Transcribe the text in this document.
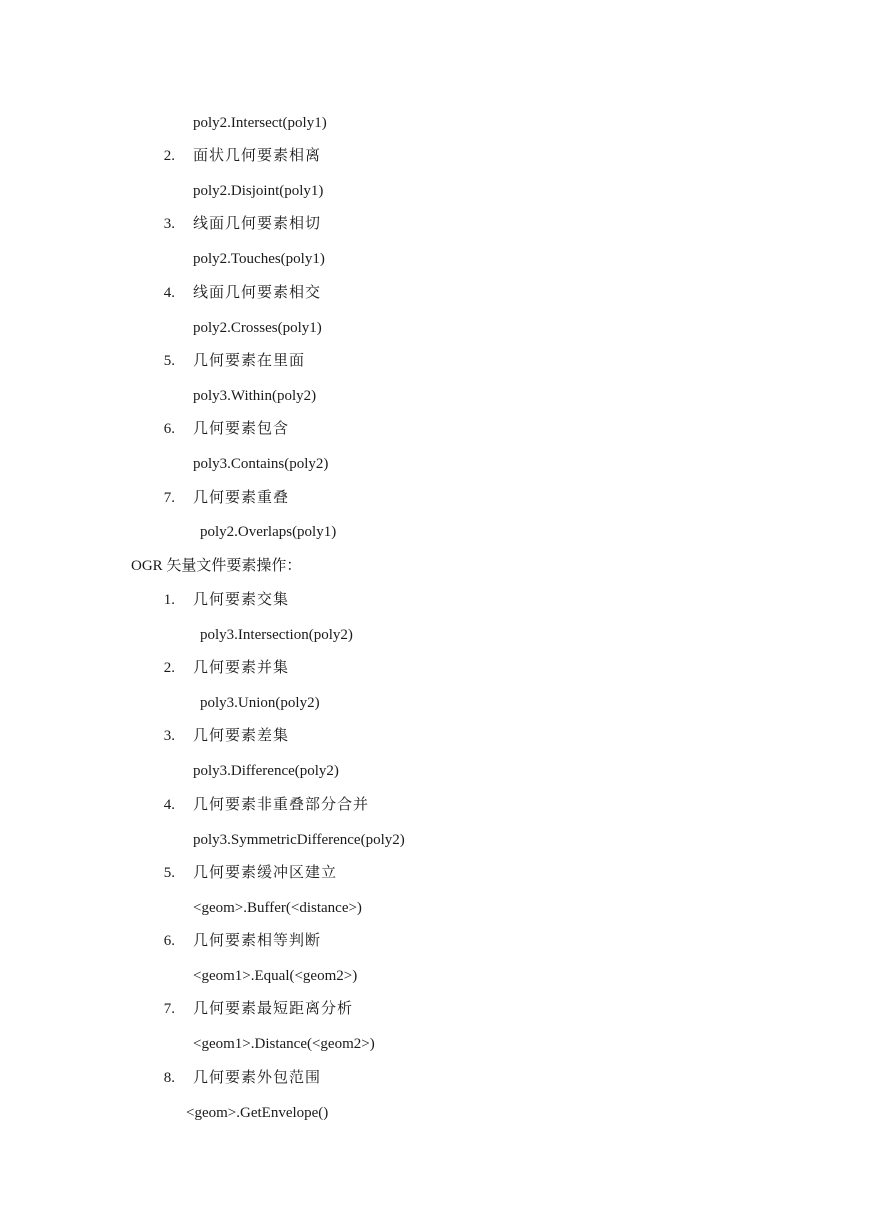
poly2.Intersect(poly1)
2. 面状几何要素相离
poly2.Disjoint(poly1)
3. 线面几何要素相切
poly2.Touches(poly1)
4. 线面几何要素相交
poly2.Crosses(poly1)
5. 几何要素在里面
poly3.Within(poly2)
6. 几何要素包含
poly3.Contains(poly2)
7. 几何要素重叠
poly2.Overlaps(poly1)
OGR 矢量文件要素操作：
1. 几何要素交集
poly3.Intersection(poly2)
2. 几何要素并集
poly3.Union(poly2)
3. 几何要素差集
poly3.Difference(poly2)
4. 几何要素非重叠部分合并
poly3.SymmetricDifference(poly2)
5. 几何要素缓冲区建立
<geom>.Buffer(<distance>)
6. 几何要素相等判断
<geom1>.Equal(<geom2>)
7. 几何要素最短距离分析
<geom1>.Distance(<geom2>)
8. 几何要素外包范围
<geom>.GetEnvelope()
